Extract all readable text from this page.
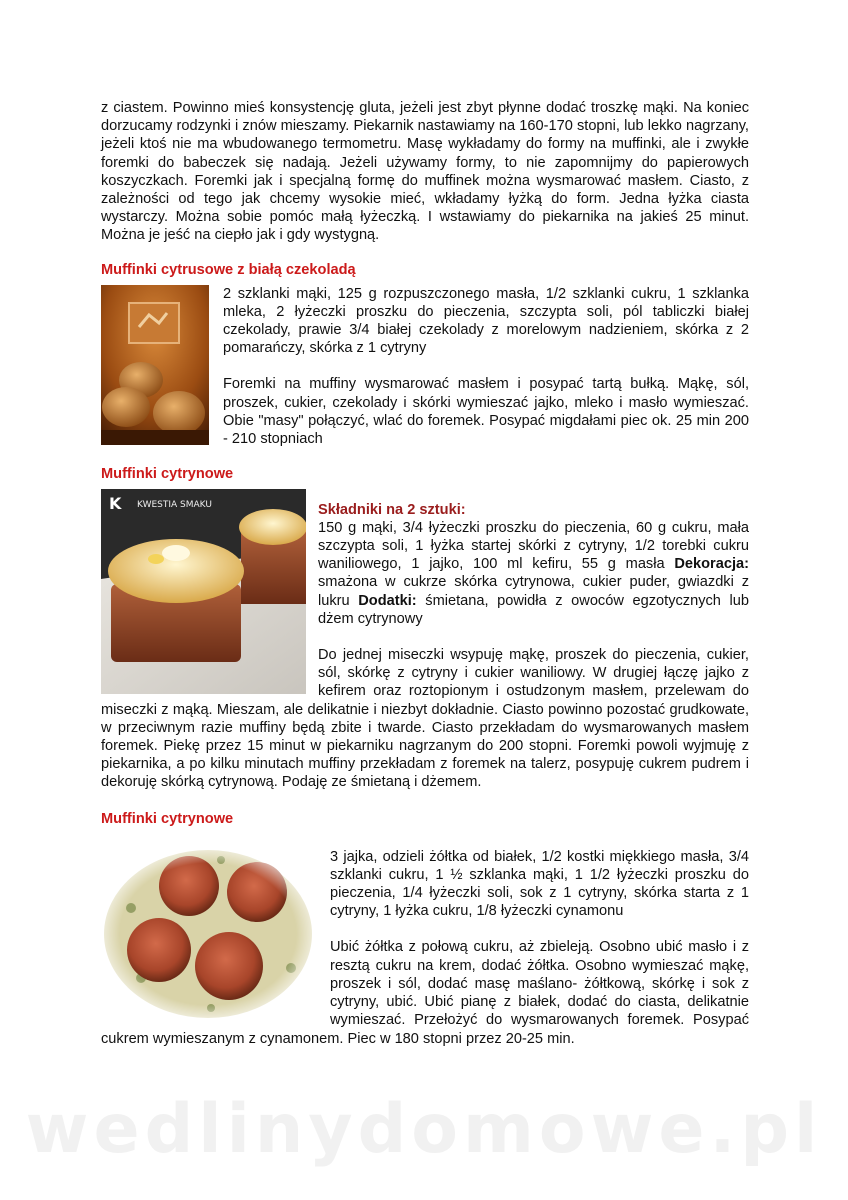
z ciastem. Powinno mieś konsystencję gluta, jeżeli jest zbyt płynne dodać troszkę mąki. Na koniec dorzucamy rodzynki i znów mieszamy. Piekarnik nastawiamy na 160-170 stopni, lub lekko nagrzany, jeżeli ktoś nie ma wbudowanego termometru. Masę wykładamy do formy na muffinki, ale i zwykłe foremki do babeczek się nadają. Jeżeli używamy formy, to nie zapomnijmy do papierowych koszyczkach. Foremki jak i specjalną formę do muffinek można wysmarować masłem. Ciasto, z zależności od tego jak chcemy wysokie mieć, wkładamy łyżką do form. Jedna łyżka ciasta wystarczy. Można sobie pomóc małą łyżeczką. I wstawiamy do piekarnika na jakieś 25 minut. Można je jeść na ciepło jak i gdy wystygną.

Muffinki cytrusowe z białą czekoladą

2 szklanki mąki, 125 g rozpuszczonego masła, 1/2 szklanki cukru, 1 szklanka mleka, 2 łyżeczki proszku do pieczenia, szczypta soli, pól tabliczki białej czekolady, prawie 3/4 białej czekolady z morelowym nadzieniem, skórka z 2 pomarańczy, skórka z 1 cytryny

Foremki na muffiny wysmarować masłem i posypać tartą bułką. Mąkę, sól, proszek, cukier, czekolady i skórki wymieszać jajko, mleko i masło wymieszać. Obie "masy" połączyć, wlać do foremek. Posypać migdałami piec ok. 25 min 200 - 210 stopniach

Muffinki cytrynowe
KWESTIA SMAKU
K	Składniki na 2 sztuki:

150 g mąki, 3/4 łyżeczki proszku do pieczenia, 60 g cukru, mała szczypta soli, 1 łyżka startej skórki z cytryny, 1/2 torebki cukru waniliowego, 1 jajko, 100 ml kefiru, 55 g masła Dekoracja: smażona w cukrze skórka cytrynowa, cukier puder, gwiazdki z lukru Dodatki: śmietana, powidła z owoców egzotycznych lub dżem cytrynowy

Do jednej miseczki wsypuję mąkę, proszek do pieczenia, cukier, sól, skórkę z cytryny i cukier waniliowy. W drugiej łączę jajko z kefirem oraz roztopionym i ostudzonym masłem, przelewam do miseczki z mąką. Mieszam, ale delikatnie i niezbyt dokładnie. Ciasto powinno pozostać grudkowate, w przeciwnym razie muffiny będą zbite i twarde. Ciasto przekładam do wysmarowanych masłem foremek. Piekę przez 15 minut w piekarniku nagrzanym do 200 stopni. Foremki powoli wyjmuję z piekarnika, a po kilku minutach muffiny przekładam z foremek na talerz, posypuję cukrem pudrem i dekoruję skórką cytrynową. Podaję ze śmietaną i dżemem.

Muffinki cytrynowe

3 jajka, odzieli żółtka od białek, 1/2 kostki miękkiego masła, 3/4 szklanki cukru, 1 ½ szklanka mąki, 1 1/2 łyżeczki proszku do pieczenia, 1/4 łyżeczki soli, sok z 1 cytryny, skórka starta z 1 cytryny, 1 łyżka cukru, 1/8 łyżeczki cynamonu

Ubić żółtka z połową cukru, aż zbieleją. Osobno ubić masło i z resztą cukru na krem, dodać żółtka. Osobno wymieszać mąkę, proszek i sól, dodać masę maślano- żółtkową, skórkę i sok z cytryny, ubić. Ubić pianę z białek, dodać do ciasta, delikatnie wymieszać. Przełożyć do wysmarowanych foremek. Posypać cukrem wymieszanym z cynamonem. Piec w 180 stopni przez 20-25 min.

wedlinydomowe.pl
